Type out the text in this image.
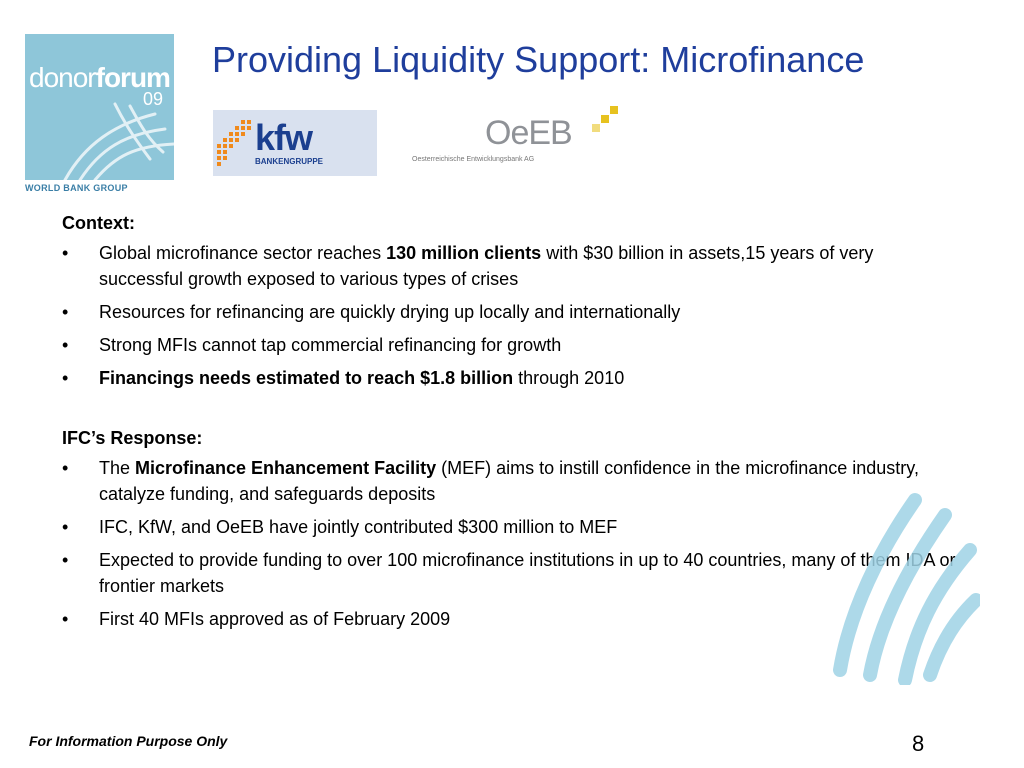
donorforum
09
WORLD BANK GROUP
Providing Liquidity Support: Microfinance
kfw
BANKENGRUPPE
OeEB
Oesterreichische Entwicklungsbank AG
Context:
• Global microfinance sector reaches 130 million clients with $30 billion in assets,15 years of very successful growth exposed to various types of crises
• Resources for refinancing are quickly drying up locally and internationally
• Strong MFIs cannot tap commercial refinancing for growth
• Financings needs estimated to reach $1.8 billion through 2010
IFC’s Response:
• The Microfinance Enhancement Facility (MEF) aims to instill confidence in the microfinance industry, catalyze funding, and safeguards deposits
• IFC, KfW, and OeEB have jointly contributed $300 million to MEF
• Expected to provide funding to over 100 microfinance institutions in up to 40 countries, many of them IDA or frontier markets
• First 40 MFIs approved as of February 2009
For Information Purpose Only	8
